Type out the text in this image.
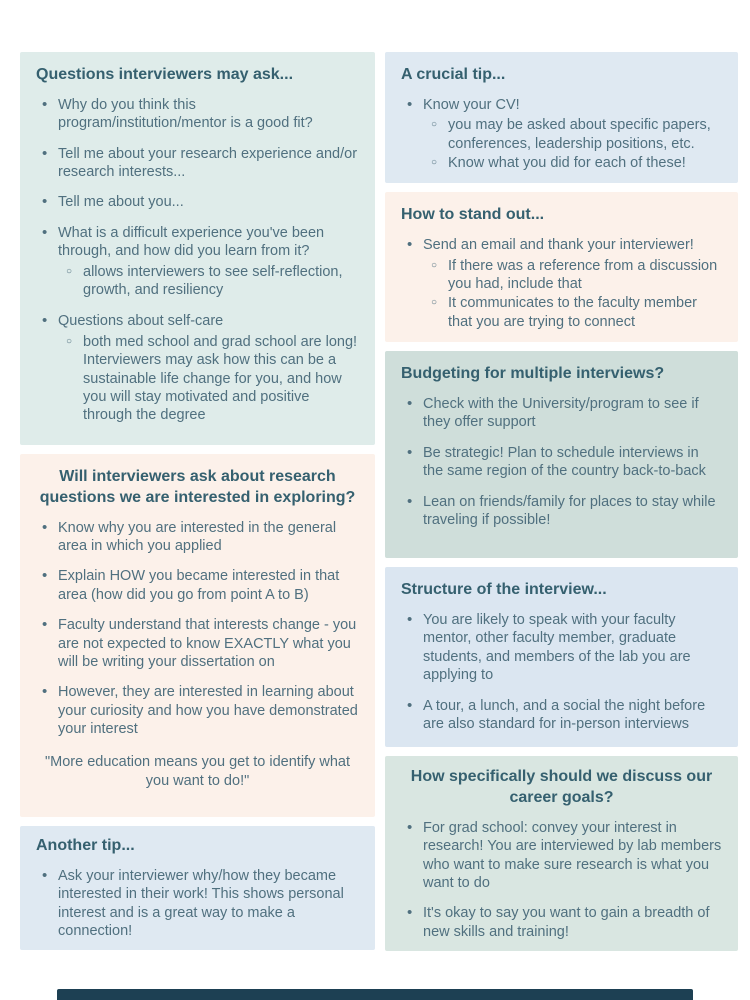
Questions interviewers may ask...
• Why do you think this program/institution/mentor is a good fit?
• Tell me about your research experience and/or research interests...
• Tell me about you...
• What is a difficult experience you've been through, and how did you learn from it?
○ allows interviewers to see self-reflection, growth, and resiliency
• Questions about self-care
○ both med school and grad school are long! Interviewers may ask how this can be a sustainable life change for you, and how you will stay motivated and positive through the degree
Will interviewers ask about research questions we are interested in exploring?
• Know why you are interested in the general area in which you applied
• Explain HOW you became interested in that area (how did you go from point A to B)
• Faculty understand that interests change - you are not expected to know EXACTLY what you will be writing your dissertation on
• However, they are interested in learning about your curiosity and how you have demonstrated your interest

"More education means you get to identify what you want to do!"

Another tip...
• Ask your interviewer why/how they became interested in their work! This shows personal interest and is a great way to make a connection!
A crucial tip...
• Know your CV!
○ you may be asked about specific papers, conferences, leadership positions, etc.
○ Know what you did for each of these!
How to stand out...
• Send an email and thank your interviewer!
○ If there was a reference from a discussion you had, include that
○ It communicates to the faculty member that you are trying to connect
Budgeting for multiple interviews?
• Check with the University/program to see if they offer support
• Be strategic! Plan to schedule interviews in the same region of the country back-to-back
• Lean on friends/family for places to stay while traveling if possible!
Structure of the interview...
• You are likely to speak with your faculty mentor, other faculty member, graduate students, and members of the lab you are applying to
• A tour, a lunch, and a social the night before are also standard for in-person interviews
How specifically should we discuss our career goals?
• For grad school: convey your interest in research! You are interviewed by lab members who want to make sure research is what you want to do
• It's okay to say you want to gain a breadth of new skills and training!
